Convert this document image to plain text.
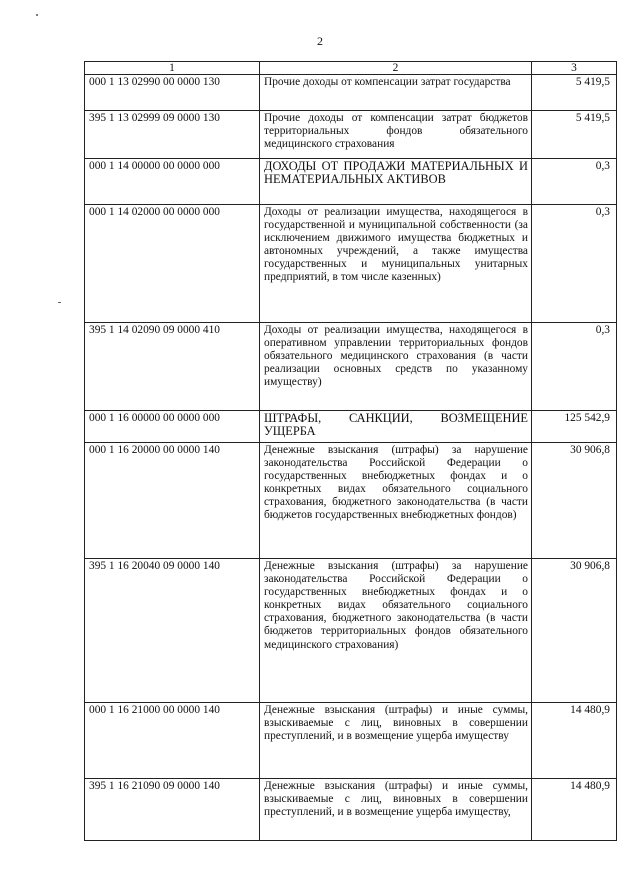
2
1	2	3
000 1 13 02990 00 0000 130	Прочие доходы от компенсации затрат государства	5 419,5
395 1 13 02999 09 0000 130	Прочие доходы от компенсации затрат бюджетов территориальных фондов обязательного медицинского страхования	5 419,5
000 1 14 00000 00 0000 000	ДОХОДЫ ОТ ПРОДАЖИ МАТЕРИАЛЬНЫХ И НЕМАТЕРИАЛЬНЫХ АКТИВОВ	0,3
000 1 14 02000 00 0000 000	Доходы от реализации имущества, находящегося в государственной и муниципальной собственности (за исключением движимого имущества бюджетных и автономных учреждений, а также имущества государственных и муниципальных унитарных предприятий, в том числе казенных)	0,3
395 1 14 02090 09 0000 410	Доходы от реализации имущества, находящегося в оперативном управлении территориальных фондов обязательного медицинского страхования (в части реализации основных средств по указанному имуществу)	0,3
000 1 16 00000 00 0000 000	ШТРАФЫ, САНКЦИИ, ВОЗМЕЩЕНИЕ УЩЕРБА	125 542,9
000 1 16 20000 00 0000 140	Денежные взыскания (штрафы) за нарушение законодательства Российской Федерации о государственных внебюджетных фондах и о конкретных видах обязательного социального страхования, бюджетного законодательства (в части бюджетов государственных внебюджетных фондов)	30 906,8
395 1 16 20040 09 0000 140	Денежные взыскания (штрафы) за нарушение законодательства Российской Федерации о государственных внебюджетных фондах и о конкретных видах обязательного социального страхования, бюджетного законодательства (в части бюджетов территориальных фондов обязательного медицинского страхования)	30 906,8
000 1 16 21000 00 0000 140	Денежные взыскания (штрафы) и иные суммы, взыскиваемые с лиц, виновных в совершении преступлений, и в возмещение ущерба имуществу	14 480,9
395 1 16 21090 09 0000 140	Денежные взыскания (штрафы) и иные суммы, взыскиваемые с лиц, виновных в совершении преступлений, и в возмещение ущерба имуществу,	14 480,9
